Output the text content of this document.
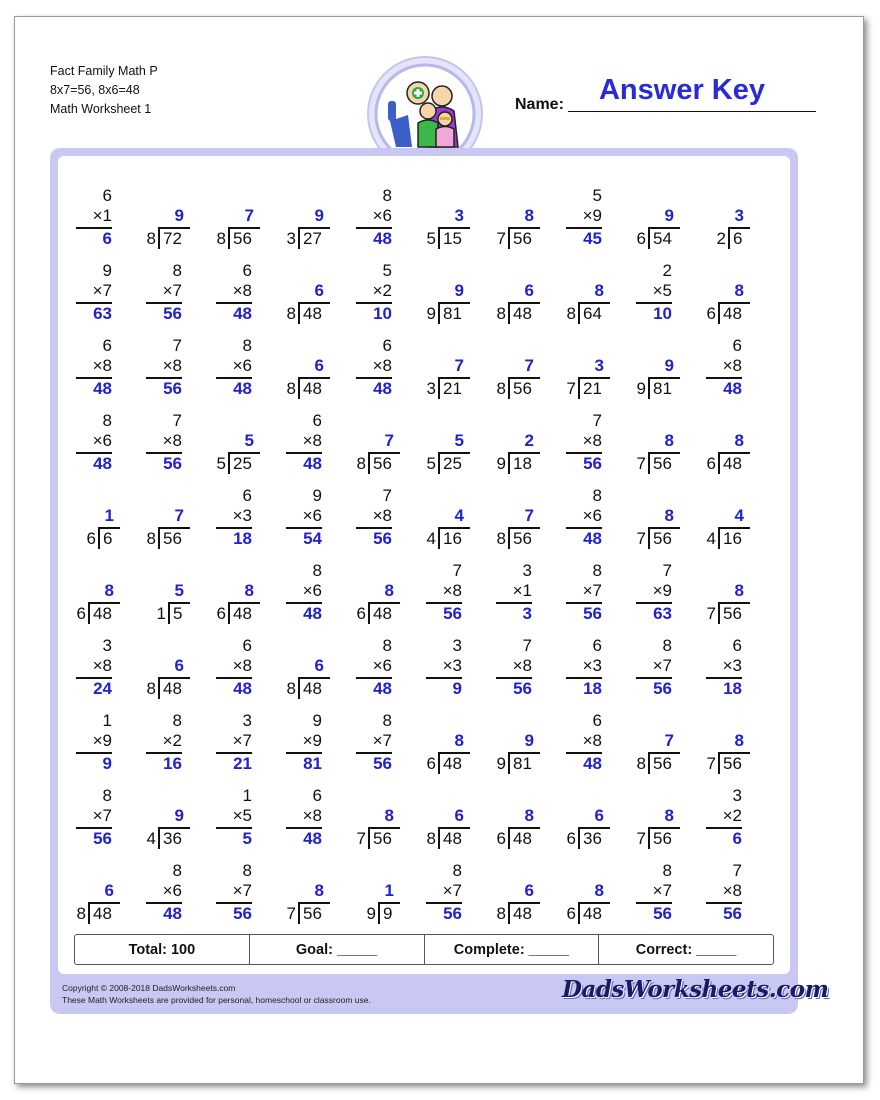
Fact Family Math P
8x7=56, 8x6=48
Math Worksheet 1	Name:	Answer Key
6
×1
6
9
8 72
7
8 56
9
3 27
8
×6
48
3
5 15
8
7 56
5
×9
45
9
6 54
3
2 6
9
×7
63
8
×7
56
6
×8
48
6
8 48
5
×2
10
9
9 81
6
8 48
8
8 64
2
×5
10
8
6 48
6
×8
48
7
×8
56
8
×6
48
6
8 48
6
×8
48
7
3 21
7
8 56
3
7 21
9
9 81
6
×8
48
8
×6
48
7
×8
56
5
5 25
6
×8
48
7
8 56
5
5 25
2
9 18
7
×8
56
8
7 56
8
6 48
1
6 6
7
8 56
6
×3
18
9
×6
54
7
×8
56
4
4 16
7
8 56
8
×6
48
8
7 56
4
4 16
8
6 48
5
1 5
8
6 48
8
×6
48
8
6 48
7
×8
56
3
×1
3
8
×7
56
7
×9
63
8
7 56
3
×8
24
6
8 48
6
×8
48
6
8 48
8
×6
48
3
×3
9
7
×8
56
6
×3
18
8
×7
56
6
×3
18
1
×9
9
8
×2
16
3
×7
21
9
×9
81
8
×7
56
8
6 48
9
9 81
6
×8
48
7
8 56
8
7 56
8
×7
56
9
4 36
1
×5
5
6
×8
48
8
7 56
6
8 48
8
6 48
6
6 36
8
7 56
3
×2
6
6
8 48
8
×6
48
8
×7
56
8
7 56
1
9 9
8
×7
56
6
8 48
8
6 48
8
×7
56
7
×8
56
Total: 100	Goal: _____	Complete: _____	Correct: _____
Copyright © 2008-2018 DadsWorksheets.com
These Math Worksheets are provided for personal, homeschool or classroom use.	DadsWorksheets.com
